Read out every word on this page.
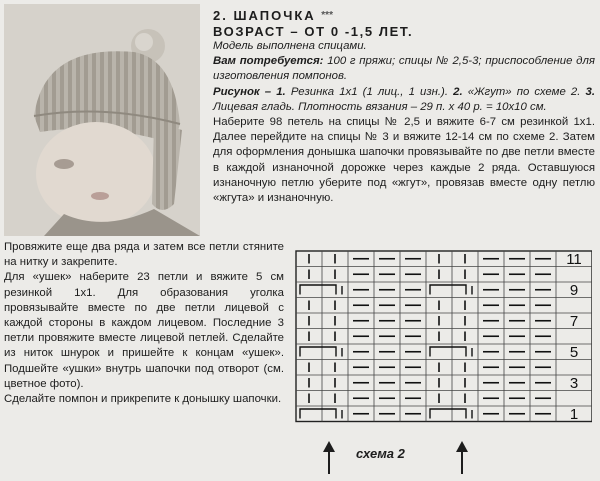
2. ШАПОЧКА ***
ВОЗРАСТ – ОТ 0 -1,5 ЛЕТ.
Модель выполнена спицами.
Вам потребуется: 100 г пряжи; спицы № 2,5-3; приспособление для изготовления помпонов.
Рисунок – 1. Резинка 1х1 (1 лиц., 1 изн.). 2. «Жгут» по схеме 2. 3. Лицевая гладь. Плотность вязания – 29 п. х 40 р. = 10х10 см.
Наберите 98 петель на спицы № 2,5 и вяжите 6-7 см резинкой 1х1. Далее перейдите на спицы № 3 и вяжите 12-14 см по схеме 2. Затем для оформления донышка шапочки провязывайте по две петли вместе в каждой изнаночной дорожке через каждые 2 ряда. Оставшуюся изнаночную петлю уберите под «жгут», провязав вместе одну петлю «жгута» и изнаночную.

Провяжите еще два ряда и затем все петли стяните на нитку и закрепите.

Для «ушек» наберите 23 петли и вяжите 5 см резинкой 1х1. Для образования уголка провязывайте вместе по две петли лицевой с каждой стороны в каждом лицевом. Последние 3 петли провяжите вместе лицевой петлей. Сделайте из ниток шнурок и пришейте к концам «ушек». Подшейте «ушки» внутрь шапочки под отворот (см. цветное фото).

Сделайте помпон и прикрепите к донышку шапочки.

11
9
7
5
3
1
схема 2
